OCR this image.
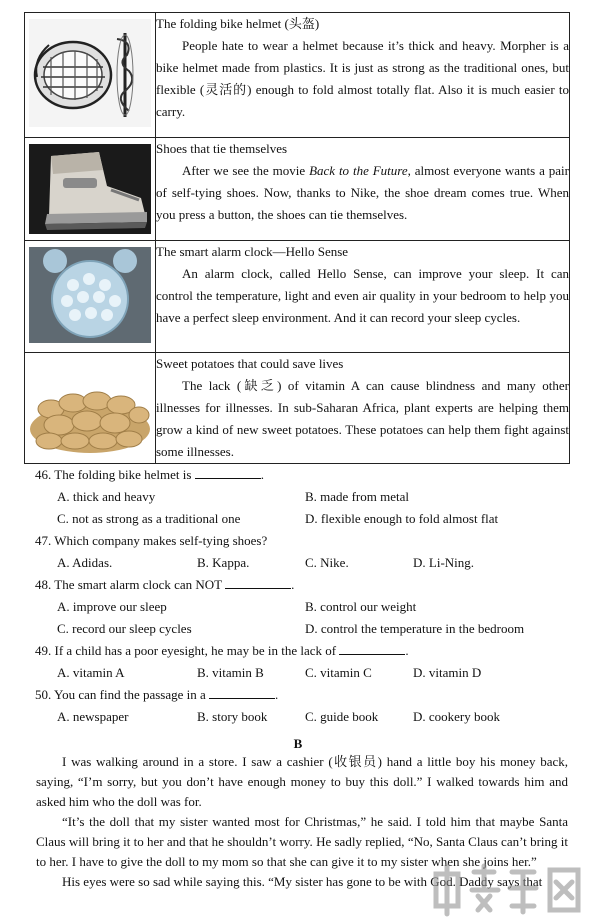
The folding bike helmet (头盔)
People hate to wear a helmet because it’s thick and heavy. Morpher is a bike helmet made from plastics. It is just as strong as the traditional ones, but flexible (灵活的) enough to fold almost totally flat. Also it is much easier to carry.

Shoes that tie themselves
After we see the movie Back to the Future, almost everyone wants a pair of self-tying shoes. Now, thanks to Nike, the shoe dream comes true. When you press a button, the shoes can tie themselves.

The smart alarm clock—Hello Sense
An alarm clock, called Hello Sense, can improve your sleep. It can control the temperature, light and even air quality in your bedroom to help you have a perfect sleep environment. And it can record your sleep cycles.

Sweet potatoes that could save lives
The lack (缺乏) of vitamin A can cause blindness and many other illnesses for illnesses. In sub-Saharan Africa, plant experts are helping them grow a kind of new sweet potatoes. These potatoes can help them fight against some illnesses.
46. The folding bike helmet is	.
A. thick and heavy	B. made from metal
C. not as strong as a traditional one	D. flexible enough to fold almost flat
47. Which company makes self-tying shoes?
A. Adidas.	B. Kappa.	C. Nike.	D. Li-Ning.
48. The smart alarm clock can NOT	.
A. improve our sleep	B. control our weight
C. record our sleep cycles	D. control the temperature in the bedroom
49. If a child has a poor eyesight, he may be in the lack of	.
A. vitamin A	B. vitamin B	C. vitamin C	D. vitamin D
50. You can find the passage in a	.
A. newspaper	B. story book	C. guide book	D. cookery book
B

I was walking around in a store. I saw a cashier (收银员) hand a little boy his money back, saying, “I’m sorry, but you don’t have enough money to buy this doll.” I walked towards him and asked him who the doll was for.

“It’s the doll that my sister wanted most for Christmas,” he said. I told him that maybe Santa Claus will bring it to her and that he shouldn’t worry. He sadly replied, “No, Santa Claus can’t bring it to her. I have to give the doll to my mom so that she can give it to my sister when she joins her.”

His eyes were so sad while saying this. “My sister has gone to be with God. Daddy says that
